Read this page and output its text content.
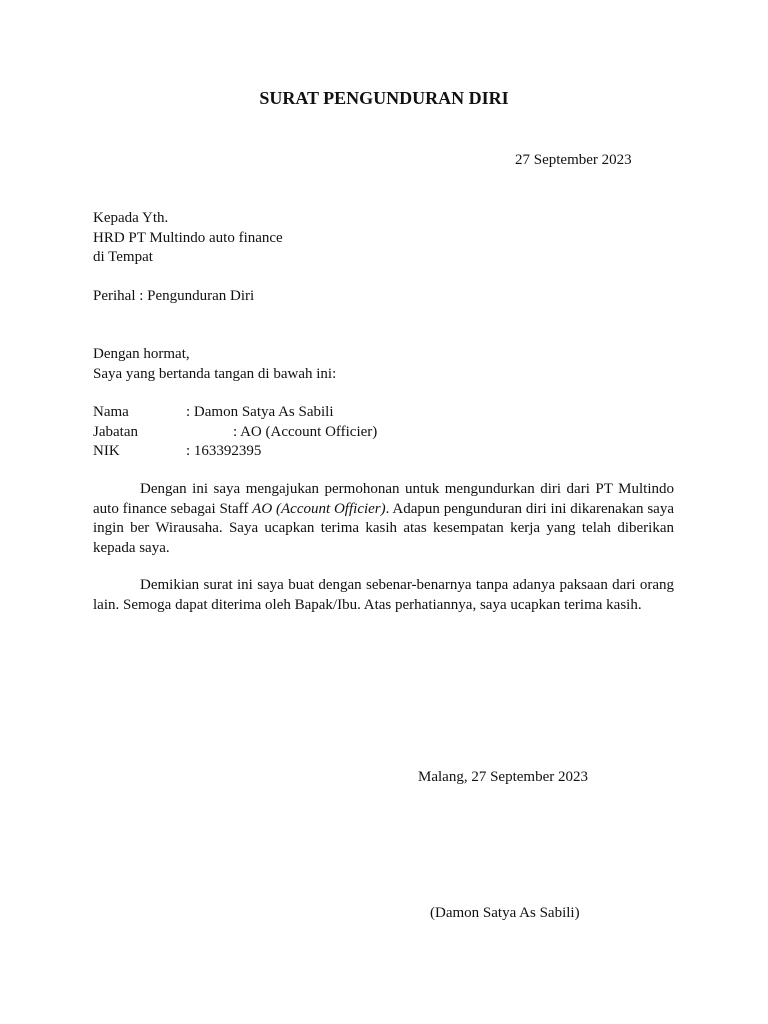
SURAT PENGUNDURAN DIRI
27 September 2023
Kepada Yth.
HRD PT Multindo auto finance
di Tempat
Perihal : Pengunduran Diri
Dengan hormat,
Saya yang bertanda tangan di bawah ini:
Nama	: Damon Satya As Sabili
Jabatan	: AO (Account Officier)
NIK	: 163392395
Dengan ini saya mengajukan permohonan untuk mengundurkan diri dari PT Multindo auto finance sebagai Staff AO (Account Officier). Adapun pengunduran diri ini dikarenakan saya ingin ber Wirausaha. Saya ucapkan terima kasih atas kesempatan kerja yang telah diberikan kepada saya.
Demikian surat ini saya buat dengan sebenar-benarnya tanpa adanya paksaan dari orang lain. Semoga dapat diterima oleh Bapak/Ibu. Atas perhatiannya, saya ucapkan terima kasih.
Malang, 27 September 2023
(Damon Satya As Sabili)
